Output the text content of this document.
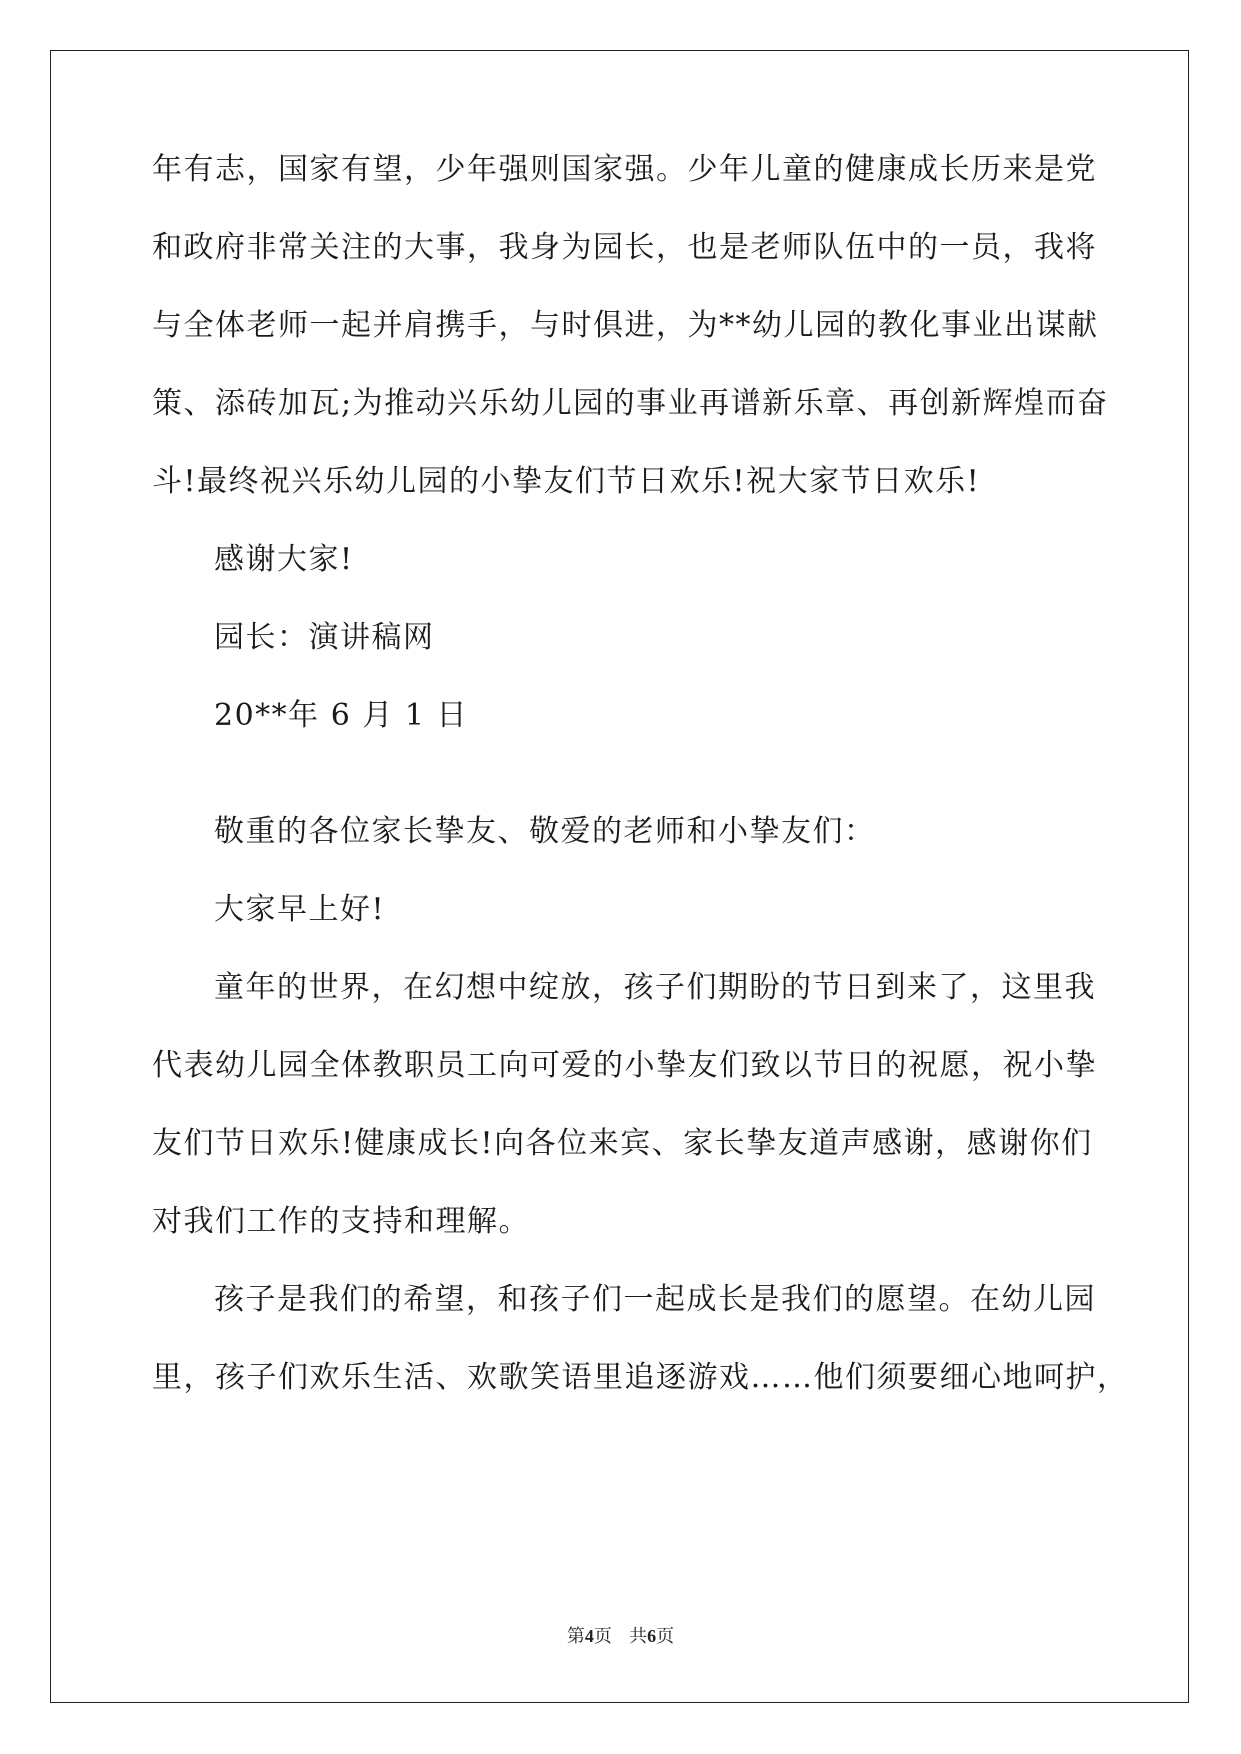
年有志，国家有望，少年强则国家强。少年儿童的健康成长历来是党
和政府非常关注的大事，我身为园长，也是老师队伍中的一员，我将
与全体老师一起并肩携手，与时俱进，为**幼儿园的教化事业出谋献
策、添砖加瓦;为推动兴乐幼儿园的事业再谱新乐章、再创新辉煌而奋
斗!最终祝兴乐幼儿园的小挚友们节日欢乐!祝大家节日欢乐!
感谢大家!
园长：演讲稿网
20**年 6 月 1 日
敬重的各位家长挚友、敬爱的老师和小挚友们：
大家早上好!
童年的世界，在幻想中绽放，孩子们期盼的节日到来了，这里我
代表幼儿园全体教职员工向可爱的小挚友们致以节日的祝愿，祝小挚
友们节日欢乐!健康成长!向各位来宾、家长挚友道声感谢，感谢你们
对我们工作的支持和理解。
孩子是我们的希望，和孩子们一起成长是我们的愿望。在幼儿园
里，孩子们欢乐生活、欢歌笑语里追逐游戏……他们须要细心地呵护，
第4页 共6页
